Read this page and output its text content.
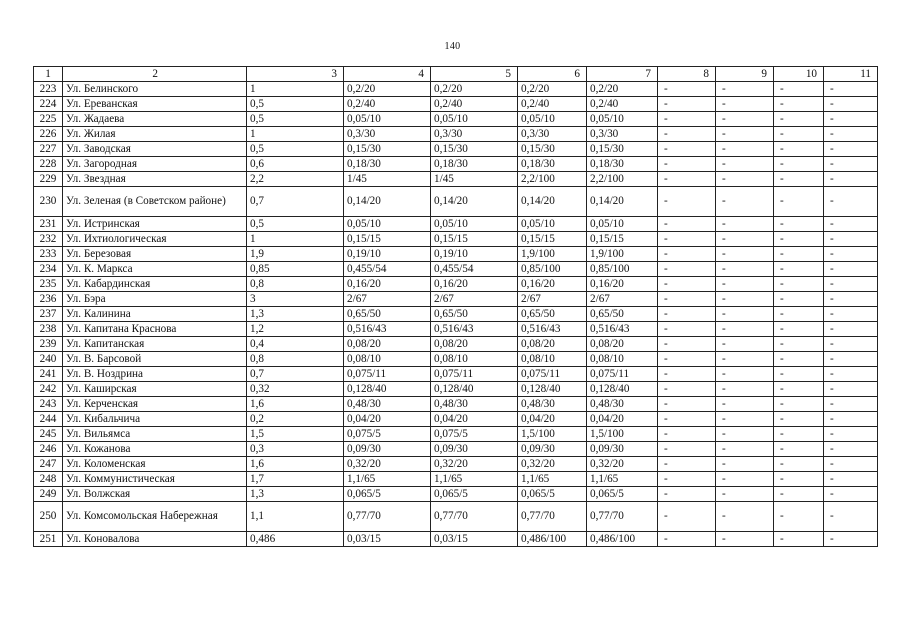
140
1	2	3	4	5	6	7	8	9	10	11
223	Ул. Белинского	1	0,2/20	0,2/20	0,2/20	0,2/20	-	-	-	-
224	Ул. Ереванская	0,5	0,2/40	0,2/40	0,2/40	0,2/40	-	-	-	-
225	Ул. Жадаева	0,5	0,05/10	0,05/10	0,05/10	0,05/10	-	-	-	-
226	Ул. Жилая	1	0,3/30	0,3/30	0,3/30	0,3/30	-	-	-	-
227	Ул. Заводская	0,5	0,15/30	0,15/30	0,15/30	0,15/30	-	-	-	-
228	Ул. Загородная	0,6	0,18/30	0,18/30	0,18/30	0,18/30	-	-	-	-
229	Ул. Звездная	2,2	1/45	1/45	2,2/100	2,2/100	-	-	-	-
230	Ул. Зеленая (в Советском районе)	0,7	0,14/20	0,14/20	0,14/20	0,14/20	-	-	-	-
231	Ул. Истринская	0,5	0,05/10	0,05/10	0,05/10	0,05/10	-	-	-	-
232	Ул. Ихтиологическая	1	0,15/15	0,15/15	0,15/15	0,15/15	-	-	-	-
233	Ул. Березовая	1,9	0,19/10	0,19/10	1,9/100	1,9/100	-	-	-	-
234	Ул. К. Маркса	0,85	0,455/54	0,455/54	0,85/100	0,85/100	-	-	-	-
235	Ул. Кабардинская	0,8	0,16/20	0,16/20	0,16/20	0,16/20	-	-	-	-
236	Ул. Бэра	3	2/67	2/67	2/67	2/67	-	-	-	-
237	Ул. Калинина	1,3	0,65/50	0,65/50	0,65/50	0,65/50	-	-	-	-
238	Ул. Капитана Краснова	1,2	0,516/43	0,516/43	0,516/43	0,516/43	-	-	-	-
239	Ул. Капитанская	0,4	0,08/20	0,08/20	0,08/20	0,08/20	-	-	-	-
240	Ул. В. Барсовой	0,8	0,08/10	0,08/10	0,08/10	0,08/10	-	-	-	-
241	Ул. В. Ноздрина	0,7	0,075/11	0,075/11	0,075/11	0,075/11	-	-	-	-
242	Ул. Каширская	0,32	0,128/40	0,128/40	0,128/40	0,128/40	-	-	-	-
243	Ул. Керченская	1,6	0,48/30	0,48/30	0,48/30	0,48/30	-	-	-	-
244	Ул. Кибальчича	0,2	0,04/20	0,04/20	0,04/20	0,04/20	-	-	-	-
245	Ул. Вильямса	1,5	0,075/5	0,075/5	1,5/100	1,5/100	-	-	-	-
246	Ул. Кожанова	0,3	0,09/30	0,09/30	0,09/30	0,09/30	-	-	-	-
247	Ул. Коломенская	1,6	0,32/20	0,32/20	0,32/20	0,32/20	-	-	-	-
248	Ул. Коммунистическая	1,7	1,1/65	1,1/65	1,1/65	1,1/65	-	-	-	-
249	Ул. Волжская	1,3	0,065/5	0,065/5	0,065/5	0,065/5	-	-	-	-
250	Ул. Комсомольская Набережная	1,1	0,77/70	0,77/70	0,77/70	0,77/70	-	-	-	-
251	Ул. Коновалова	0,486	0,03/15	0,03/15	0,486/100	0,486/100	-	-	-	-
